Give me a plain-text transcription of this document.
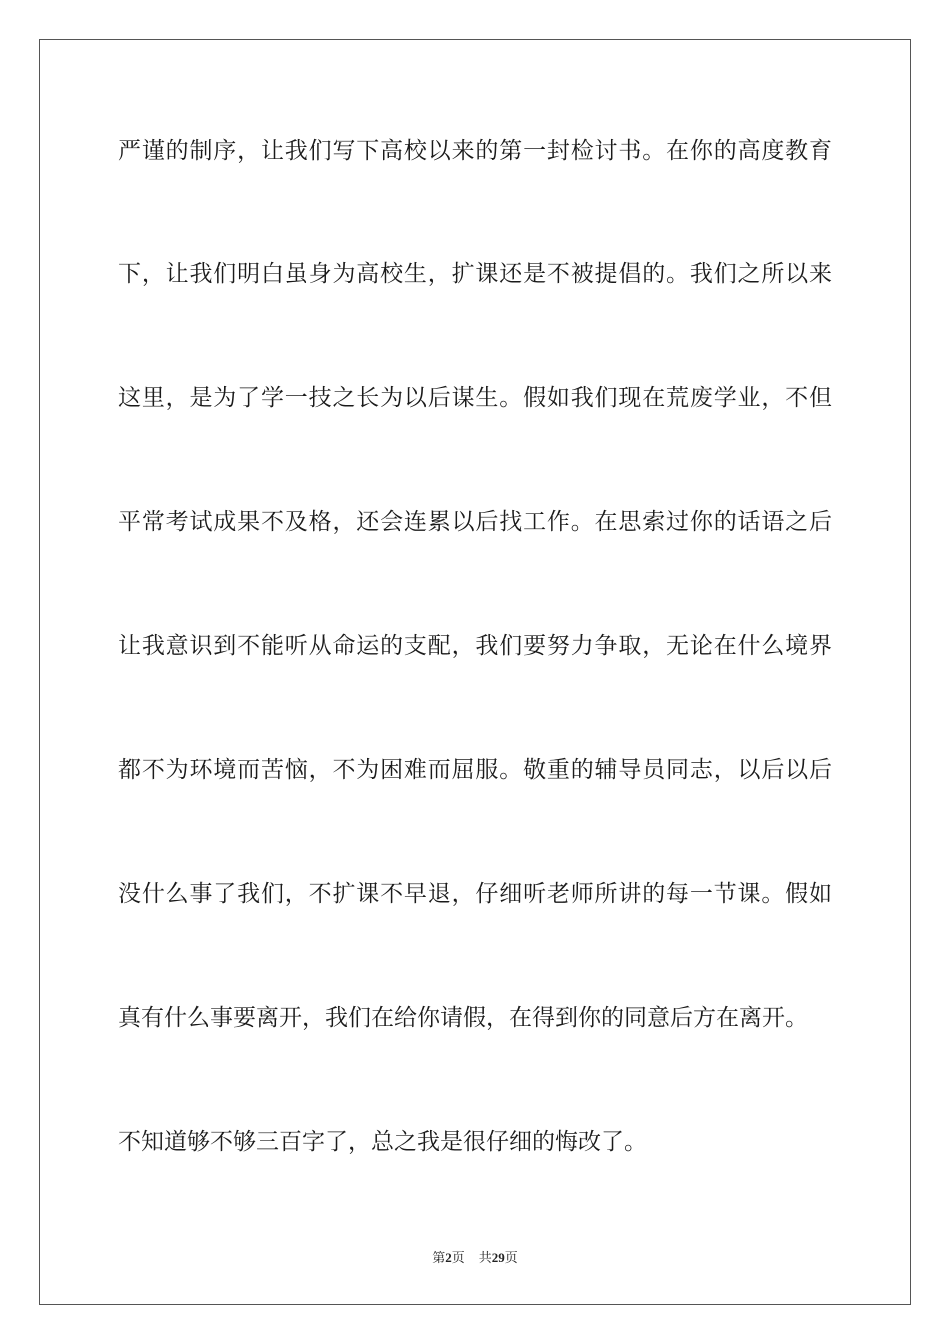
严谨的制序，让我们写下高校以来的第一封检讨书。在你的高度教育
下，让我们明白虽身为高校生，扩课还是不被提倡的。我们之所以来
这里，是为了学一技之长为以后谋生。假如我们现在荒废学业，不但
平常考试成果不及格，还会连累以后找工作。在思索过你的话语之后
让我意识到不能听从命运的支配，我们要努力争取，无论在什么境界
都不为环境而苦恼，不为困难而屈服。敬重的辅导员同志，以后以后
没什么事了我们，不扩课不早退，仔细听老师所讲的每一节课。假如
真有什么事要离开，我们在给你请假，在得到你的同意后方在离开。
不知道够不够三百字了，总之我是很仔细的悔改了。
第2页 共29页
